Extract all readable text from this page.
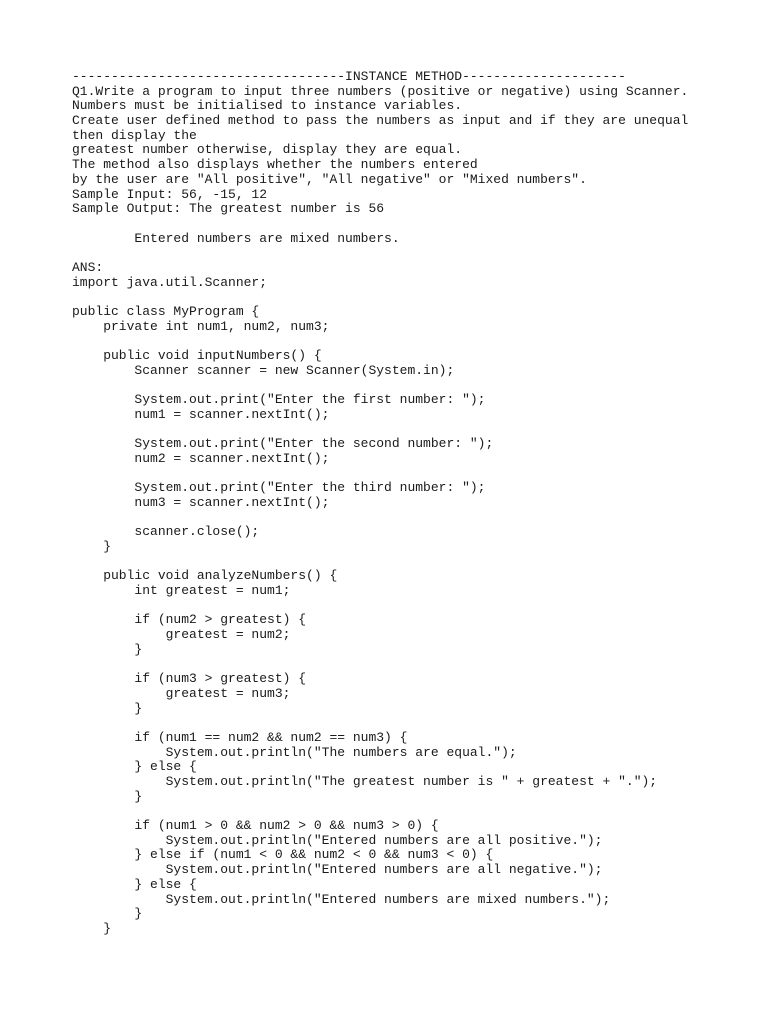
-----------------------------------INSTANCE METHOD---------------------
Q1.Write a program to input three numbers (positive or negative) using Scanner.
Numbers must be initialised to instance variables.
Create user defined method to pass the numbers as input and if they are unequal
then display the
greatest number otherwise, display they are equal.
The method also displays whether the numbers entered
by the user are "All positive", "All negative" or "Mixed numbers".
Sample Input: 56, -15, 12
Sample Output: The greatest number is 56
Entered numbers are mixed numbers.
ANS:
import java.util.Scanner;
public class MyProgram {
private int num1, num2, num3;
public void inputNumbers() {
Scanner scanner = new Scanner(System.in);
System.out.print("Enter the first number: ");
num1 = scanner.nextInt();
System.out.print("Enter the second number: ");
num2 = scanner.nextInt();
System.out.print("Enter the third number: ");
num3 = scanner.nextInt();
scanner.close();
}
public void analyzeNumbers() {
int greatest = num1;
if (num2 > greatest) {
greatest = num2;
}
if (num3 > greatest) {
greatest = num3;
}
if (num1 == num2 && num2 == num3) {
System.out.println("The numbers are equal.");
} else {
System.out.println("The greatest number is " + greatest + ".");
}
if (num1 > 0 && num2 > 0 && num3 > 0) {
System.out.println("Entered numbers are all positive.");
} else if (num1 < 0 && num2 < 0 && num3 < 0) {
System.out.println("Entered numbers are all negative.");
} else {
System.out.println("Entered numbers are mixed numbers.");
}
}
